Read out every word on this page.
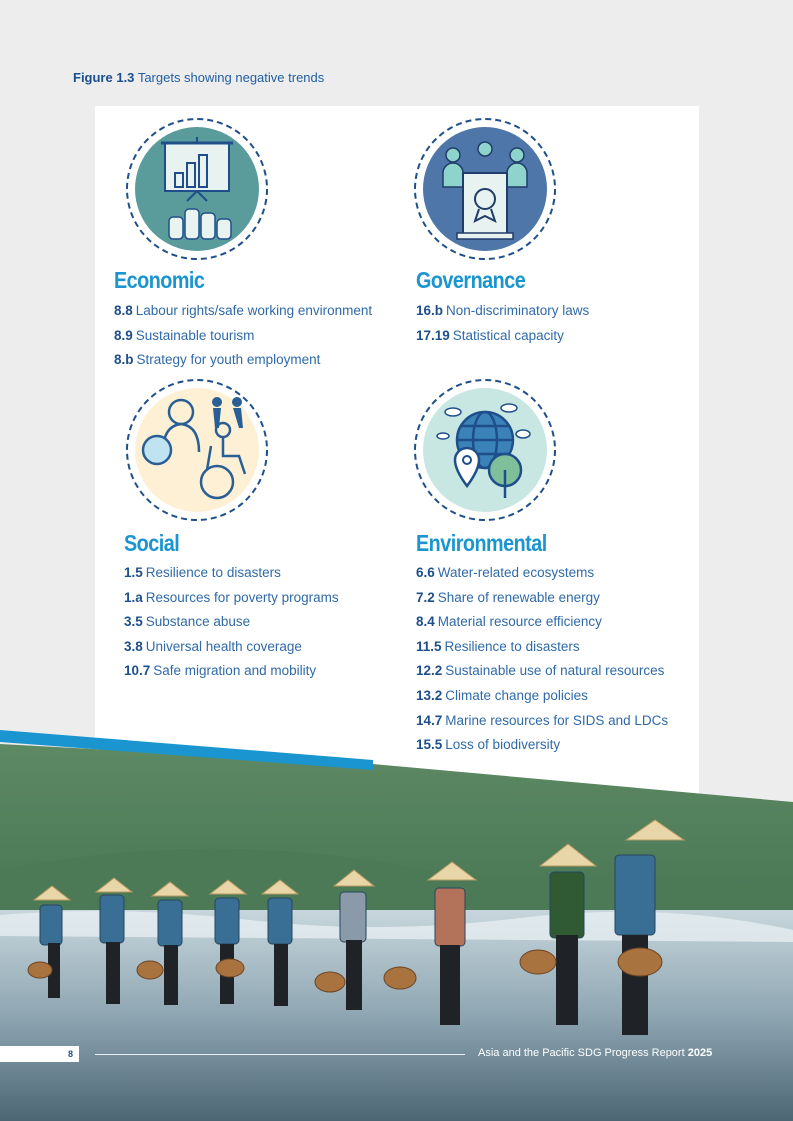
Figure 1.3 Targets showing negative trends
Economic
8.8 Labour rights/safe working environment
8.9 Sustainable tourism
8.b Strategy for youth employment
Governance
16.b Non-discriminatory laws
17.19 Statistical capacity
Social
1.5 Resilience to disasters
1.a Resources for poverty programs
3.5 Substance abuse
3.8 Universal health coverage
10.7 Safe migration and mobility
Environmental
6.6 Water-related ecosystems
7.2 Share of renewable energy
8.4 Material resource efficiency
11.5 Resilience to disasters
12.2 Sustainable use of natural resources
13.2 Climate change policies
14.7 Marine resources for SIDS and LDCs
15.5 Loss of biodiversity
8	Asia and the Pacific SDG Progress Report 2025
